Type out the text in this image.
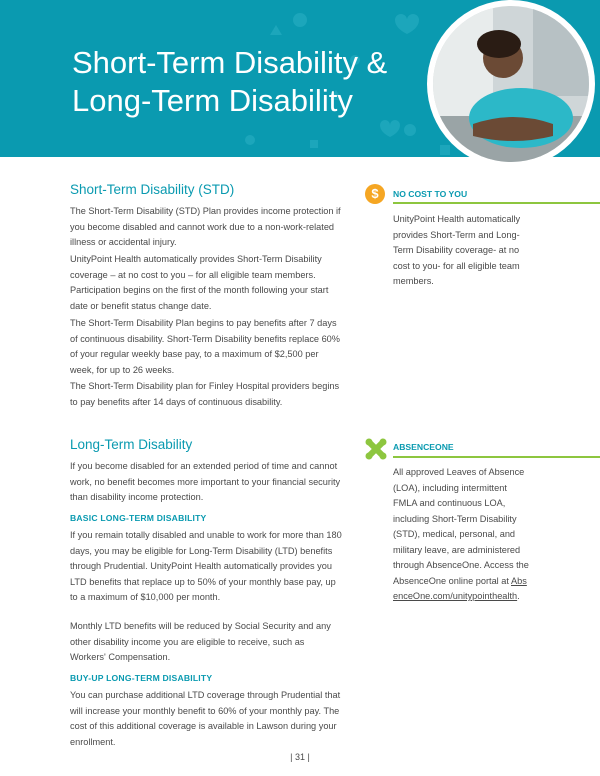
Short-Term Disability &
Long-Term Disability
Short-Term Disability (STD)

The Short-Term Disability (STD) Plan provides income protection if you become disabled and cannot work due to a non-work-related illness or accidental injury.

UnityPoint Health automatically provides Short-Term Disability coverage – at no cost to you – for all eligible team members. Participation begins on the first of the month following your start date or benefit status change date.

The Short-Term Disability Plan begins to pay benefits after 7 days of continuous disability. Short-Term Disability benefits replace 60% of your regular weekly base pay, to a maximum of $2,500 per week, for up to 26 weeks.

The Short-Term Disability plan for Finley Hospital providers begins to pay benefits after 14 days of continuous disability.

$	NO COST TO YOU

UnityPoint Health automatically provides Short-Term and Long-Term Disability coverage- at no cost to you- for all eligible team members.

Long-Term Disability

If you become disabled for an extended period of time and cannot work, no benefit becomes more important to your financial security than disability income protection.

BASIC LONG-TERM DISABILITY

If you remain totally disabled and unable to work for more than 180 days, you may be eligible for Long-Term Disability (LTD) benefits through Prudential. UnityPoint Health automatically provides you LTD benefits that replace up to 50% of your monthly base pay, up to a maximum of $10,000 per month.

Monthly LTD benefits will be reduced by Social Security and any other disability income you are eligible to receive, such as Workers' Compensation.

BUY-UP LONG-TERM DISABILITY

You can purchase additional LTD coverage through Prudential that will increase your monthly benefit to 60% of your monthly pay. The cost of this additional coverage is available in Lawson during your enrollment.

ABSENCEONE

All approved Leaves of Absence (LOA), including intermittent FMLA and continuous LOA, including Short-Term Disability (STD), medical, personal, and military leave, are administered through AbsenceOne. Access the AbsenceOne online portal at AbsenceOne.com/unitypointhealth.

| 31 |
